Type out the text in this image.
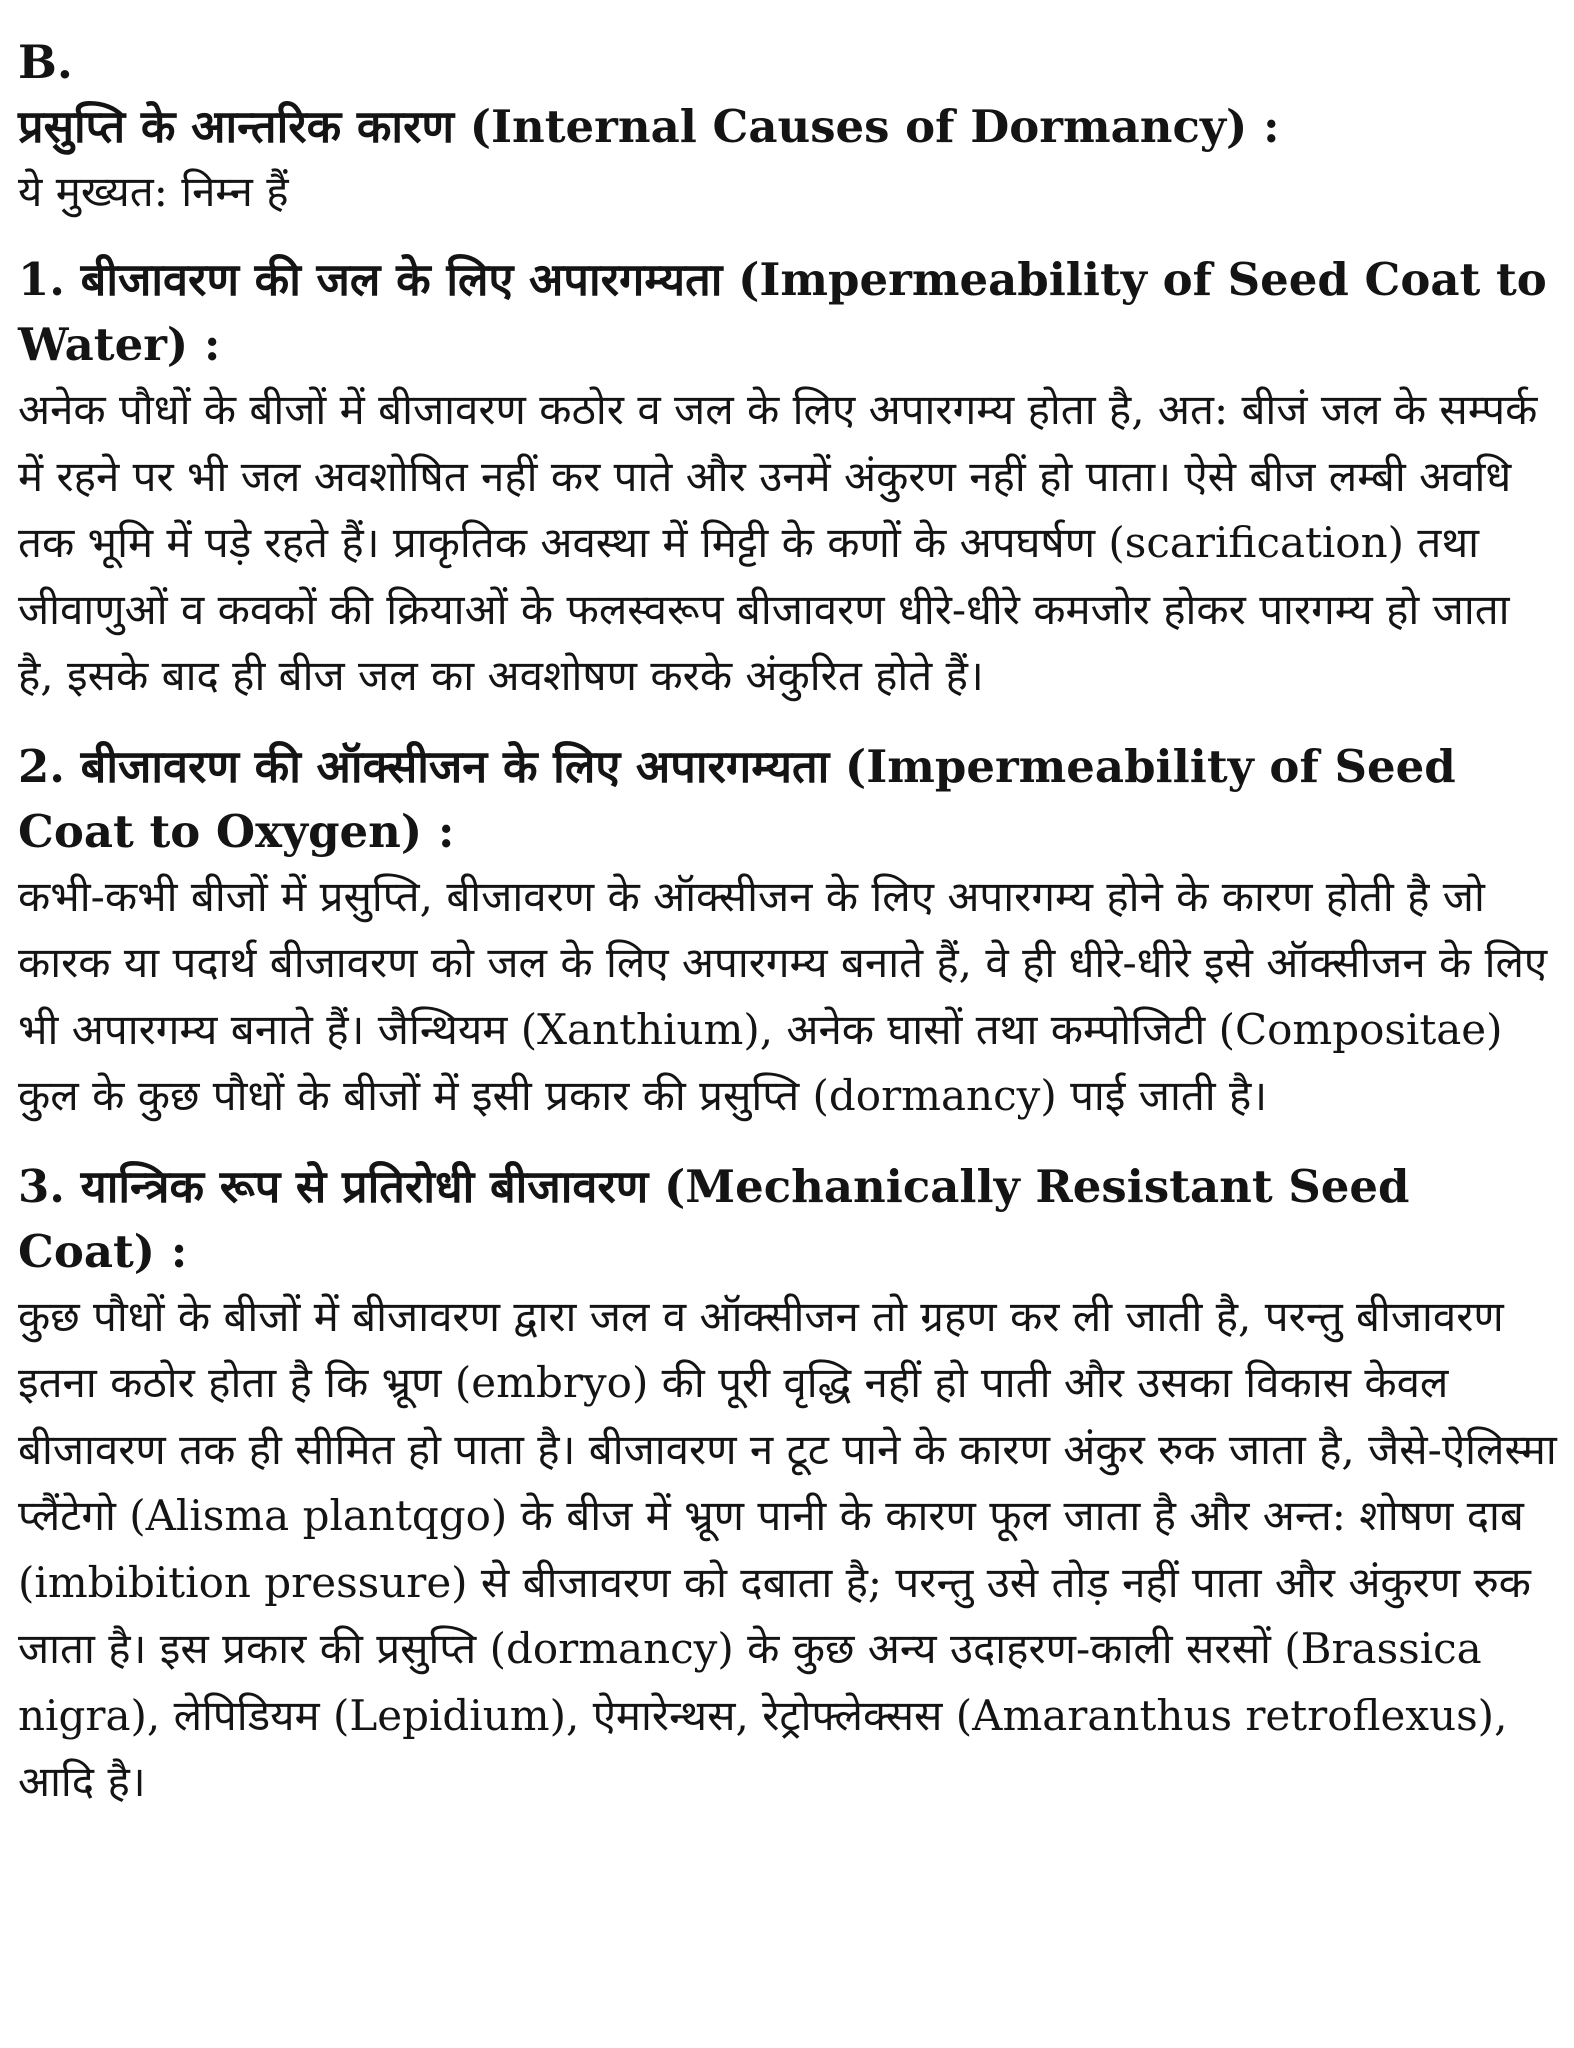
B.

प्रसुप्ति के आन्तरिक कारण (Internal Causes of Dormancy) :

ये मुख्यत: निम्न हैं

1. बीजावरण की जल के लिए अपारगम्यता (Impermeability of Seed Coat to Water) :

अनेक पौधों के बीजों में बीजावरण कठोर व जल के लिए अपारगम्य होता है, अत: बीजं जल के सम्पर्क में रहने पर भी जल अवशोषित नहीं कर पाते और उनमें अंकुरण नहीं हो पाता। ऐसे बीज लम्बी अवधि तक भूमि में पड़े रहते हैं। प्राकृतिक अवस्था में मिट्टी के कणों के अपघर्षण (scarification) तथा जीवाणुओं व कवकों की क्रियाओं के फलस्वरूप बीजावरण धीरे-धीरे कमजोर होकर पारगम्य हो जाता है, इसके बाद ही बीज जल का अवशोषण करके अंकुरित होते हैं।

2. बीजावरण की ऑक्सीजन के लिए अपारगम्यता (Impermeability of Seed Coat to Oxygen) :

कभी-कभी बीजों में प्रसुप्ति, बीजावरण के ऑक्सीजन के लिए अपारगम्य होने के कारण होती है जो कारक या पदार्थ बीजावरण को जल के लिए अपारगम्य बनाते हैं, वे ही धीरे-धीरे इसे ऑक्सीजन के लिए भी अपारगम्य बनाते हैं। जैन्थियम (Xanthium), अनेक घासों तथा कम्पोजिटी (Compositae) कुल के कुछ पौधों के बीजों में इसी प्रकार की प्रसुप्ति (dormancy) पाई जाती है।

3. यान्त्रिक रूप से प्रतिरोधी बीजावरण (Mechanically Resistant Seed Coat) :

कुछ पौधों के बीजों में बीजावरण द्वारा जल व ऑक्सीजन तो ग्रहण कर ली जाती है, परन्तु बीजावरण इतना कठोर होता है कि भ्रूण (embryo) की पूरी वृद्धि नहीं हो पाती और उसका विकास केवल बीजावरण तक ही सीमित हो पाता है। बीजावरण न टूट पाने के कारण अंकुर रुक जाता है, जैसे-ऐलिस्मा प्लैंटेगो (Alisma plantqgo) के बीज में भ्रूण पानी के कारण फूल जाता है और अन्त: शोषण दाब (imbibition pressure) से बीजावरण को दबाता है; परन्तु उसे तोड़ नहीं पाता और अंकुरण रुक जाता है। इस प्रकार की प्रसुप्ति (dormancy) के कुछ अन्य उदाहरण-काली सरसों (Brassica nigra), लेपिडियम (Lepidium), ऐमारेन्थस, रेट्रोफ्लेक्सस (Amaranthus retroflexus), आदि है।
